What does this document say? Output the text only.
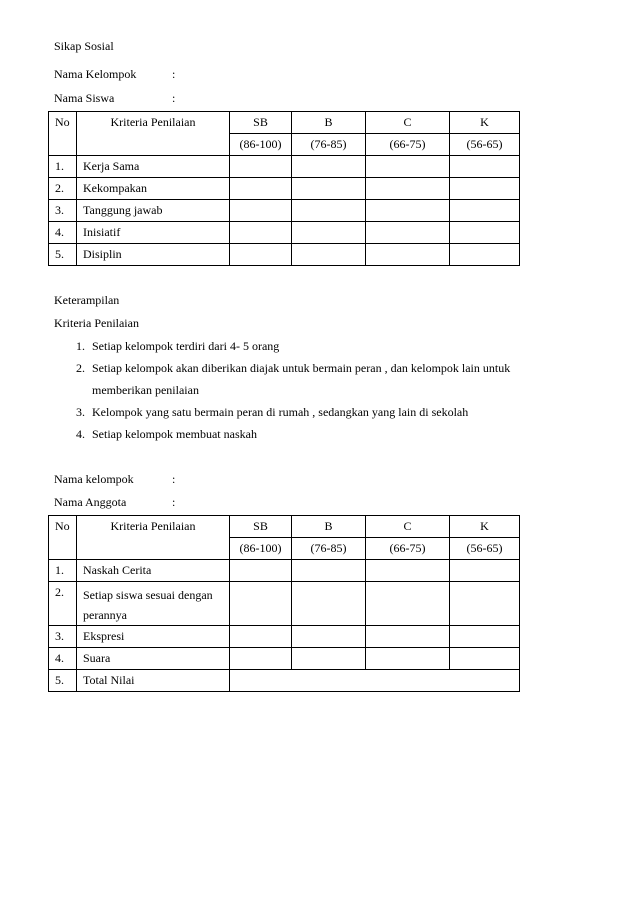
Sikap Sosial
Nama Kelompok	:
Nama Siswa	:
No	Kriteria Penilaian	SB	B	C	K
		(86-100)	(76-85)	(66-75)	(56-65)
1.	Kerja Sama				
2.	Kekompakan				
3.	Tanggung jawab				
4.	Inisiatif				
5.	Disiplin				
Keterampilan
Kriteria Penilaian
1. Setiap kelompok terdiri dari 4- 5 orang
2. Setiap kelompok akan diberikan diajak untuk bermain peran , dan kelompok lain untuk
memberikan penilaian
3. Kelompok yang satu bermain peran di rumah , sedangkan yang lain di sekolah
4. Setiap kelompok membuat naskah
Nama kelompok	:
Nama Anggota	:
No	Kriteria Penilaian	SB	B	C	K
		(86-100)	(76-85)	(66-75)	(56-65)
1.	Naskah Cerita				
2.	Setiap siswa sesuai dengan
perannya				

3.	Ekspresi				
4.	Suara				
5.	Total Nilai				
